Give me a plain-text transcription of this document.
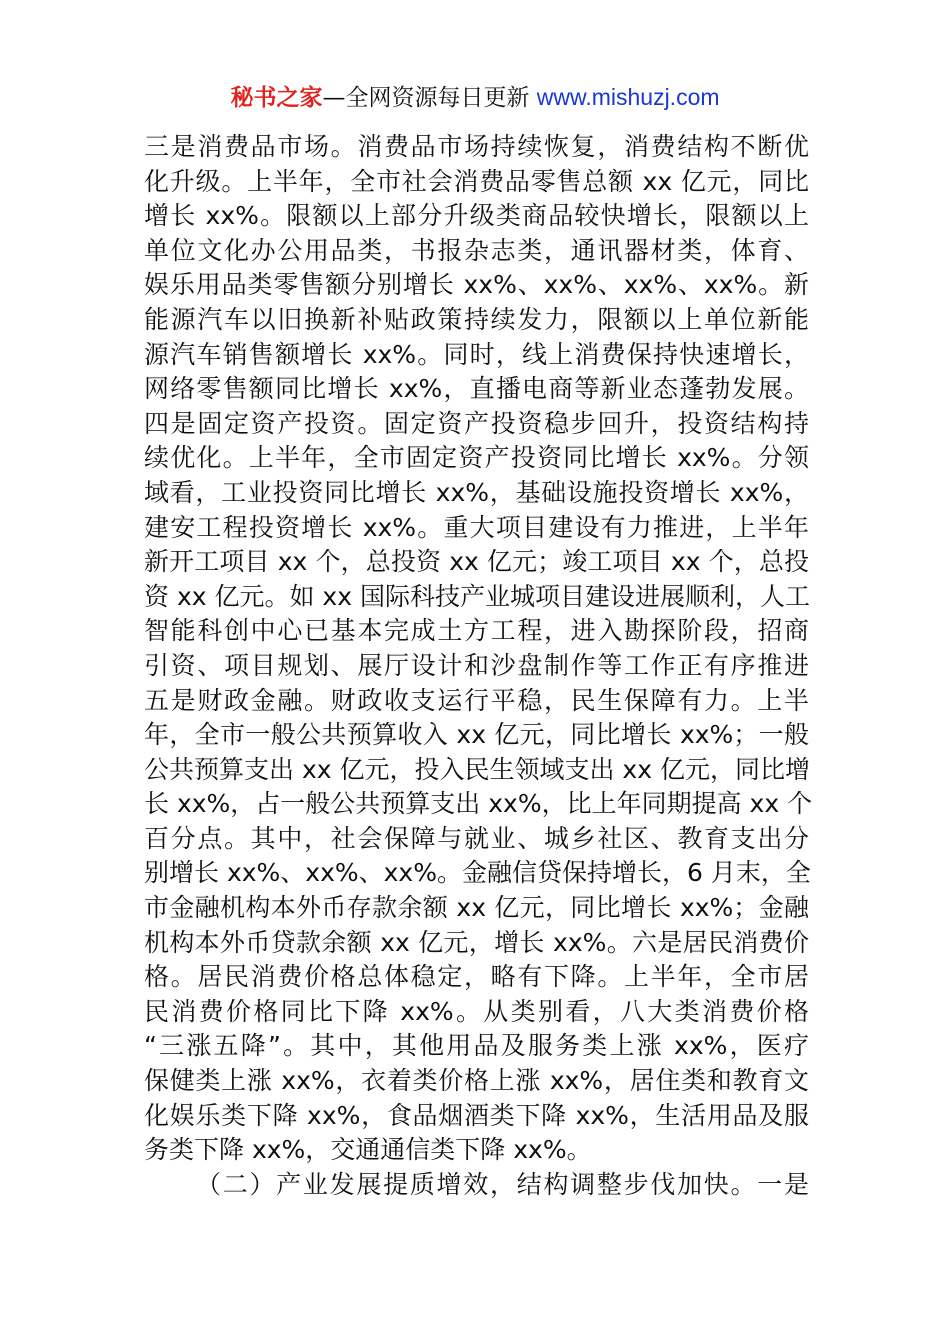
秘书之家—全网资源每日更新 www.mishuzj.com
三是消费品市场。消费品市场持续恢复，消费结构不断优
化升级。上半年，全市社会消费品零售总额 xx 亿元，同比
增长 xx%。限额以上部分升级类商品较快增长，限额以上
单位文化办公用品类，书报杂志类，通讯器材类，体育、
娱乐用品类零售额分别增长 xx%、xx%、xx%、xx%。新
能源汽车以旧换新补贴政策持续发力，限额以上单位新能
源汽车销售额增长 xx%。同时，线上消费保持快速增长，
网络零售额同比增长 xx%，直播电商等新业态蓬勃发展。
四是固定资产投资。固定资产投资稳步回升，投资结构持
续优化。上半年，全市固定资产投资同比增长 xx%。分领
域看，工业投资同比增长 xx%，基础设施投资增长 xx%，
建安工程投资增长 xx%。重大项目建设有力推进，上半年
新开工项目 xx 个，总投资 xx 亿元；竣工项目 xx 个，总投
资 xx 亿元。如 xx 国际科技产业城项目建设进展顺利，人工
智能科创中心已基本完成土方工程，进入勘探阶段，招商
引资、项目规划、展厅设计和沙盘制作等工作正有序推进
五是财政金融。财政收支运行平稳，民生保障有力。上半
年，全市一般公共预算收入 xx 亿元，同比增长 xx%；一般
公共预算支出 xx 亿元，投入民生领域支出 xx 亿元，同比增
长 xx%，占一般公共预算支出 xx%，比上年同期提高 xx 个
百分点。其中，社会保障与就业、城乡社区、教育支出分
别增长 xx%、xx%、xx%。金融信贷保持增长，6 月末，全
市金融机构本外币存款余额 xx 亿元，同比增长 xx%；金融
机构本外币贷款余额 xx 亿元，增长 xx%。六是居民消费价
格。居民消费价格总体稳定，略有下降。上半年，全市居
民消费价格同比下降 xx%。从类别看，八大类消费价格
“三涨五降”。其中，其他用品及服务类上涨 xx%，医疗
保健类上涨 xx%，衣着类价格上涨 xx%，居住类和教育文
化娱乐类下降 xx%，食品烟酒类下降 xx%，生活用品及服
务类下降 xx%，交通通信类下降 xx%。
（二）产业发展提质增效，结构调整步伐加快。一是
